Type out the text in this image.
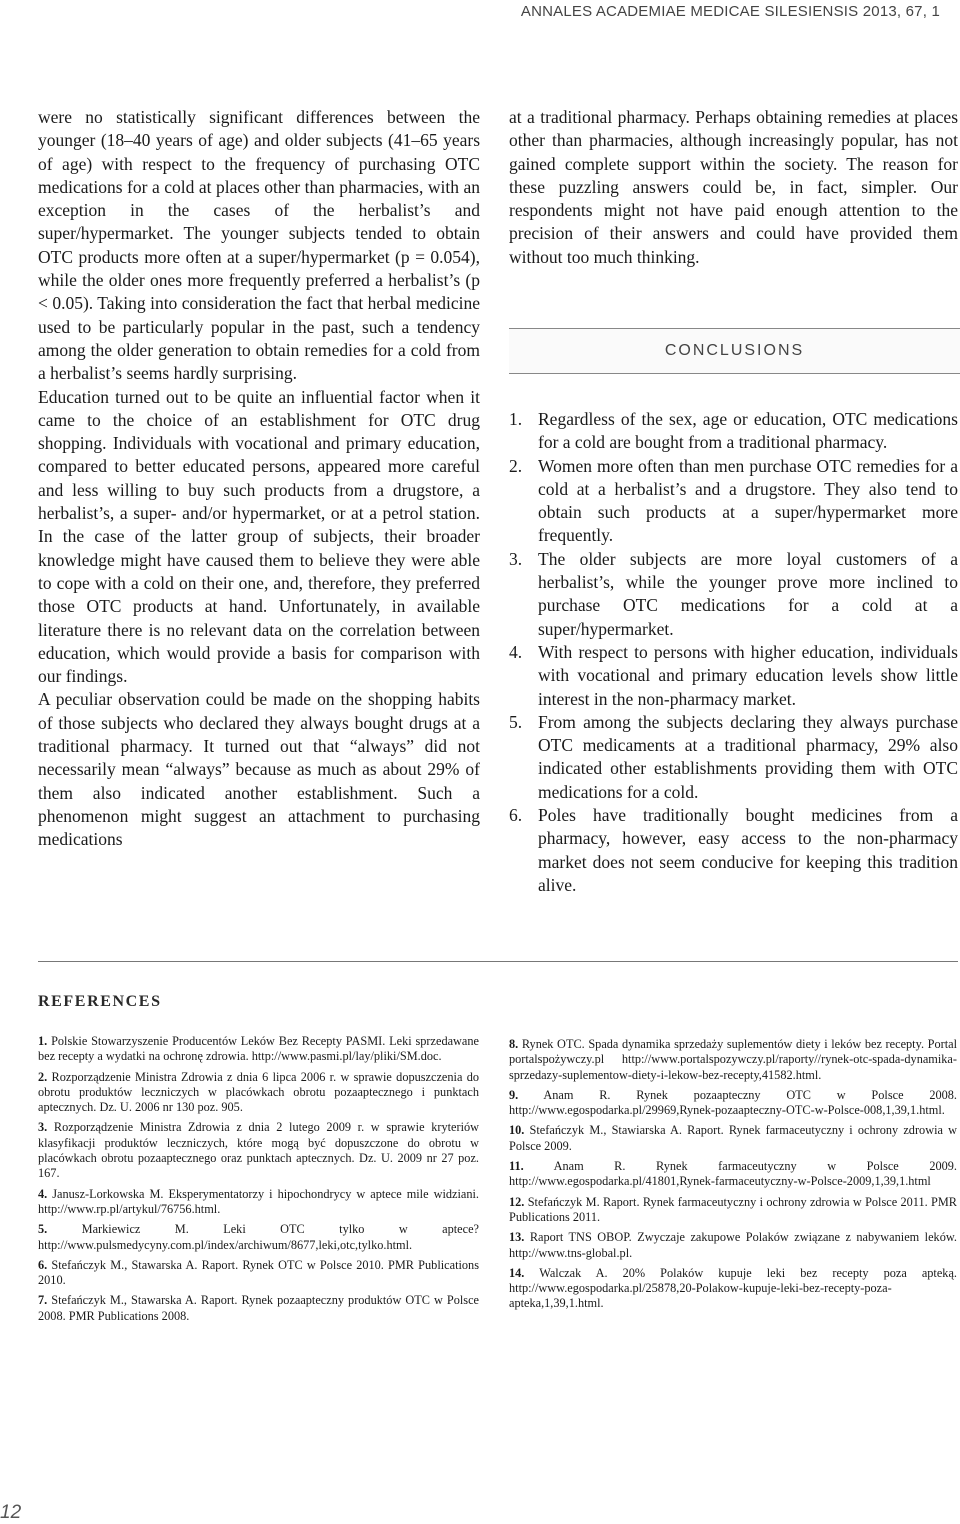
ANNALES ACADEMIAE MEDICAE SILESIENSIS 2013, 67, 1

were no statistically significant differences between the younger (18–40 years of age) and older subjects (41–65 years of age) with respect to the frequency of purchasing OTC medications for a cold at places other than pharmacies, with an exception in the cases of the herbalist’s and super/hypermarket. The younger subjects tended to obtain OTC products more often at a super/hypermarket (p = 0.054), while the older ones more frequently preferred a herbalist’s (p < 0.05). Taking into consideration the fact that herbal medicine used to be particularly popular in the past, such a tendency among the older generation to obtain remedies for a cold from a herbalist’s seems hardly surprising.

Education turned out to be quite an influential factor when it came to the choice of an establishment for OTC drug shopping. Individuals with vocational and primary education, compared to better educated persons, appeared more careful and less willing to buy such products from a drugstore, a herbalist’s, a super- and/or hypermarket, or at a petrol station. In the case of the latter group of subjects, their broader knowledge might have caused them to believe they were able to cope with a cold on their one, and, therefore, they preferred those OTC products at hand. Unfortunately, in available literature there is no relevant data on the correlation between education, which would provide a basis for comparison with our findings.

A peculiar observation could be made on the shopping habits of those subjects who declared they always bought drugs at a traditional pharmacy. It turned out that “always” did not necessarily mean “always” because as much as about 29% of them also indicated another establishment. Such a phenomenon might suggest an attachment to purchasing medications

at a traditional pharmacy. Perhaps obtaining remedies at places other than pharmacies, although increasingly popular, has not gained complete support within the society. The reason for these puzzling answers could be, in fact, simpler. Our respondents might not have paid enough attention to the precision of their answers and could have provided them without too much thinking.

CONCLUSIONS
1. Regardless of the sex, age or education, OTC medications for a cold are bought from a traditional pharmacy.
2. Women more often than men purchase OTC remedies for a cold at a herbalist’s and a drugstore. They also tend to obtain such products at a super/hypermarket more frequently.
3. The older subjects are more loyal customers of a herbalist’s, while the younger prove more inclined to purchase OTC medications for a cold at a super/hypermarket.
4. With respect to persons with higher education, individuals with vocational and primary education levels show little interest in the non-pharmacy market.
5. From among the subjects declaring they always purchase OTC medicaments at a traditional pharmacy, 29% also indicated other establishments providing them with OTC medications for a cold.
6. Poles have traditionally bought medicines from a pharmacy, however, easy access to the non-pharmacy market does not seem conducive for keeping this tradition alive.
REFERENCES
1. Polskie Stowarzyszenie Producentów Leków Bez Recepty PASMI. Leki sprzedawane bez recepty a wydatki na ochronę zdrowia. http://www.pasmi.pl/lay/pliki/SM.doc.
2. Rozporządzenie Ministra Zdrowia z dnia 6 lipca 2006 r. w sprawie dopuszczenia do obrotu produktów leczniczych w placówkach obrotu pozaaptecznego i punktach aptecznych. Dz. U. 2006 nr 130 poz. 905.
3. Rozporządzenie Ministra Zdrowia z dnia 2 lutego 2009 r. w sprawie kryteriów klasyfikacji produktów leczniczych, które mogą być dopuszczone do obrotu w placówkach obrotu pozaaptecznego oraz punktach aptecznych. Dz. U. 2009 nr 27 poz. 167.
4. Janusz-Lorkowska M. Eksperymentatorzy i hipochondrycy w aptece mile widziani. http://www.rp.pl/artykul/76756.html.
5.	Markiewicz M. Leki OTC tylko w aptece? http://www.pulsmedycyny.com.pl/index/archiwum/8677,leki,otc,tylko.html.
6. Stefańczyk M., Stawarska A. Raport. Rynek OTC w Polsce 2010. PMR Publications 2010.
7. Stefańczyk M., Stawarska A. Raport. Rynek pozaapteczny produktów OTC w Polsce 2008. PMR Publications 2008.
8. Rynek OTC. Spada dynamika sprzedaży suplementów diety i leków bez recepty. Portal portalspożywczy.pl http://www.portalspozywczy.pl/raporty//rynek-otc-spada-dynamika-sprzedazy-suplementow-diety-i-lekow-bez-recepty,41582.html.
9. Anam R. Rynek pozaapteczny OTC w Polsce 2008. http://www.egospodarka.pl/29969,Rynek-pozaapteczny-OTC-w-Polsce-008,1,39,1.html.
10. Stefańczyk M., Stawiarska A. Raport. Rynek farmaceutyczny i ochrony zdrowia w Polsce 2009.
11. Anam R. Rynek farmaceutyczny w Polsce 2009. http://www.egospodarka.pl/41801,Rynek-farmaceutyczny-w-Polsce-2009,1,39,1.html
12. Stefańczyk M. Raport. Rynek farmaceutyczny i ochrony zdrowia w Polsce 2011. PMR Publications 2011.
13. Raport TNS OBOP. Zwyczaje zakupowe Polaków związane z nabywaniem leków. http://www.tns-global.pl.
14. Walczak A. 20% Polaków kupuje leki bez recepty poza apteką. http://www.egospodarka.pl/25878,20-Polakow-kupuje-leki-bez-recepty-poza-apteka,1,39,1.html.
12
